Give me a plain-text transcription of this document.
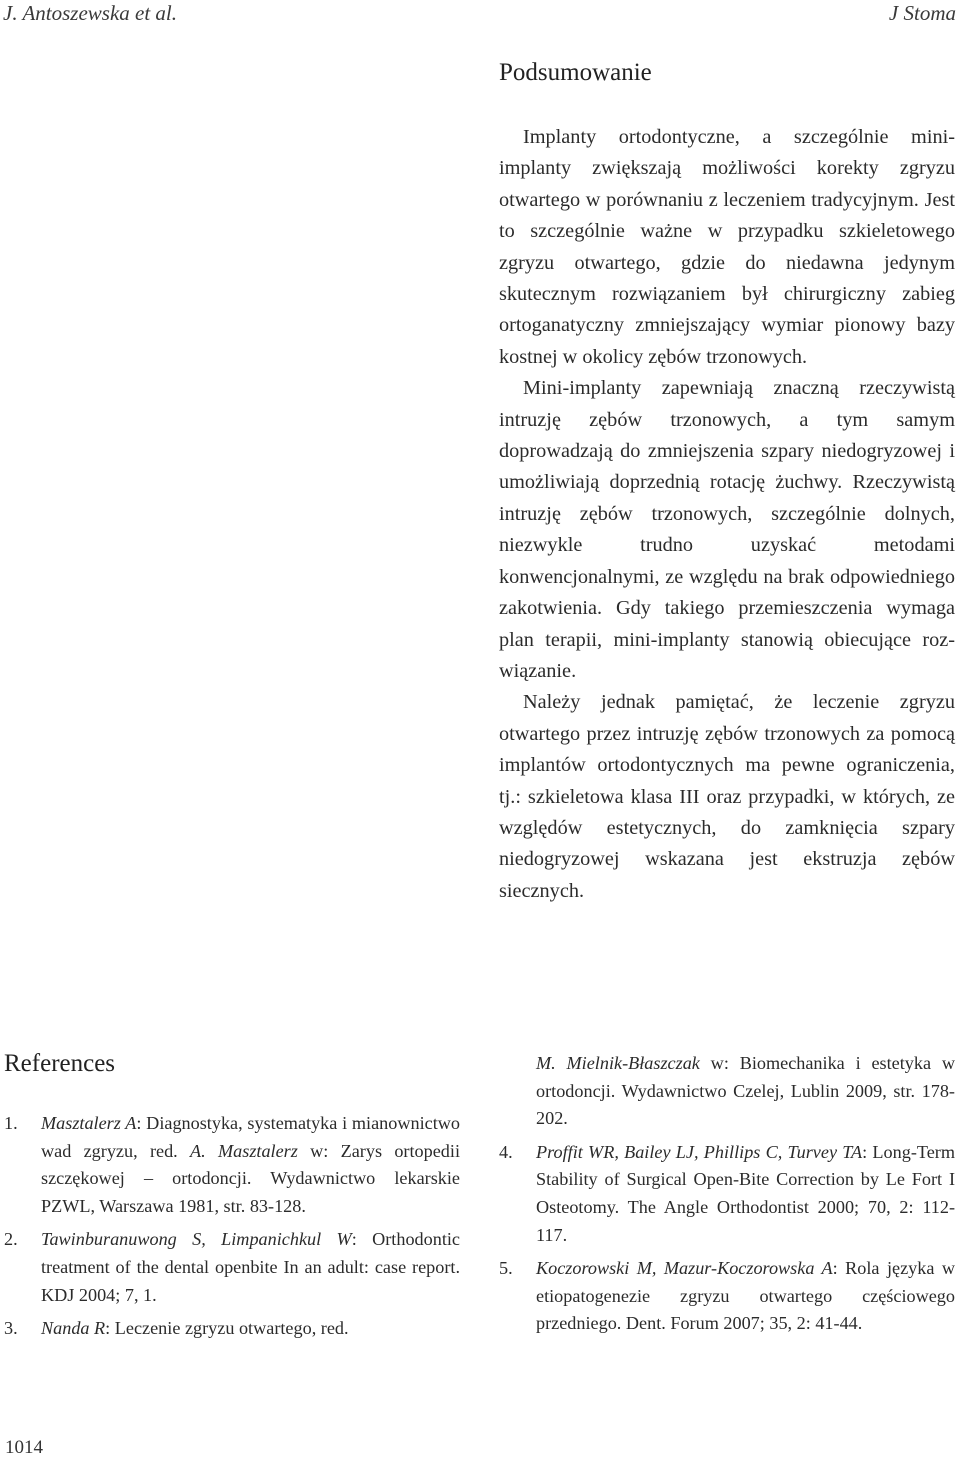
J. Antoszewska et al.	J Stoma
Podsumowanie

Implanty ortodontyczne, a szczególnie mini-implanty zwiększają możliwości korekty zgryzu otwartego w porównaniu z leczeniem tradycyjnym. Jest to szczególnie ważne w przypadku szkieletowego zgryzu otwartego, gdzie do niedawna jedynym skutecznym rozwiązaniem był chirurgiczny zabieg ortoganatyczny zmniejszający wymiar pionowy bazy kostnej w okolicy zębów trzonowych.

Mini-implanty zapewniają znaczną rzeczywistą intruzję zębów trzonowych, a tym samym doprowadzają do zmniejszenia szpary niedogryzowej i umożliwiają doprzednią rotację żuchwy. Rzeczywistą intruzję zębów trzonowych, szczególnie dolnych, niezwykle trudno uzyskać metodami konwencjonalnymi, ze względu na brak odpowiedniego zakotwienia. Gdy takiego przemieszczenia wymaga plan terapii, mini-implanty stanowią obiecujące rozwiązanie.

Należy jednak pamiętać, że leczenie zgryzu otwartego przez intruzję zębów trzonowych za pomocą implantów ortodontycznych ma pewne ograniczenia, tj.: szkieletowa klasa III oraz przypadki, w których, ze względów estetycznych, do zamknięcia szpary niedogryzowej wskazana jest ekstruzja zębów siecznych.

References
1.	Masztalerz A: Diagnostyka, systematyka i mianownictwo wad zgryzu, red. A. Masztalerz w: Zarys ortopedii szczękowej – ortodoncji. Wydawnictwo lekarskie PZWL, Warszawa 1981, str. 83-128.
2.	Tawinburanuwong S, Limpanichkul W: Orthodontic treatment of the dental openbite In an adult: case report. KDJ 2004; 7, 1.
3.	Nanda R: Leczenie zgryzu otwartego, red.
M. Mielnik-Błaszczak w: Biomechanika i estetyka w ortodoncji. Wydawnictwo Czelej, Lublin 2009, str. 178-202.
4.	Proffit WR, Bailey LJ, Phillips C, Turvey TA: Long-Term Stability of Surgical Open-Bite Correction by Le Fort I Osteotomy. The Angle Orthodontist 2000; 70, 2: 112-117.
5.	Koczorowski M, Mazur-Koczorowska A: Rola języka w etiopatogenezie zgryzu otwartego częściowego przedniego. Dent. Forum 2007; 35, 2: 41-44.
1014
